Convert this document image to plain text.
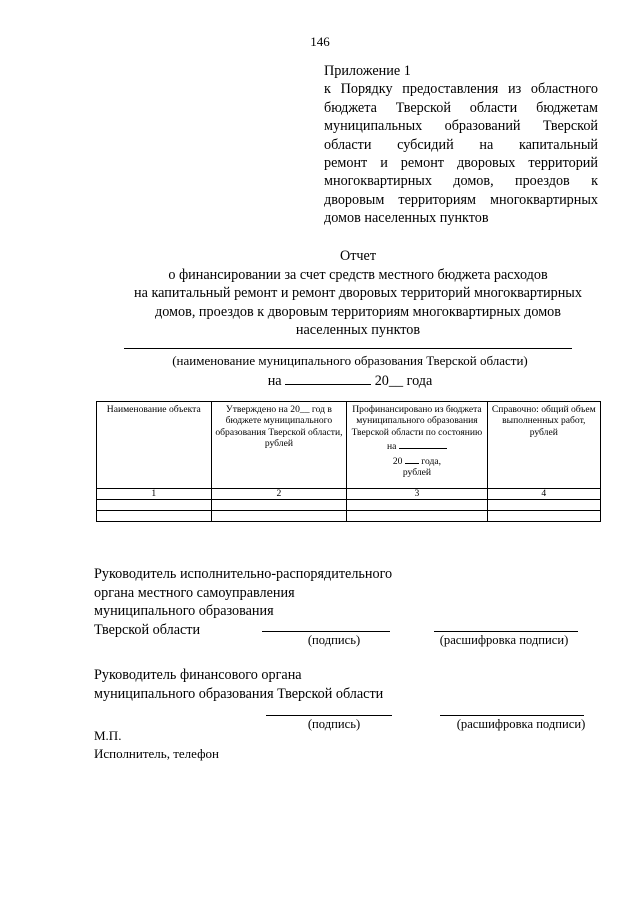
146
Приложение 1
к Порядку предоставления из областного
бюджета Тверской области бюджетам
муниципальных образований Тверской
области субсидий на капитальный
ремонт и ремонт дворовых территорий
многоквартирных домов, проездов к
дворовым территориям многоквартирных
домов населенных пунктов
Отчет
о финансировании за счет средств местного бюджета расходов
на капитальный ремонт и ремонт дворовых территорий многоквартирных
домов, проездов к дворовым территориям многоквартирных домов
населенных пунктов
(наименование муниципального образования Тверской области)
на	20__ года
Наименование объекта	Утверждено на 20__ год в бюджете муниципального образования Тверской области, рублей	Профинансировано из бюджета муниципального образования Тверской области по состоянию
на
20 года,
рублей	Справочно: общий объем выполненных работ, рублей
1	2	3	4

Руководитель исполнительно-распорядительного
органа местного самоуправления
муниципального образования
Тверской области
(подпись)	(расшифровка подписи)
Руководитель финансового органа
муниципального образования Тверской области
(подпись)	(расшифровка подписи)
М.П.
Исполнитель, телефон
